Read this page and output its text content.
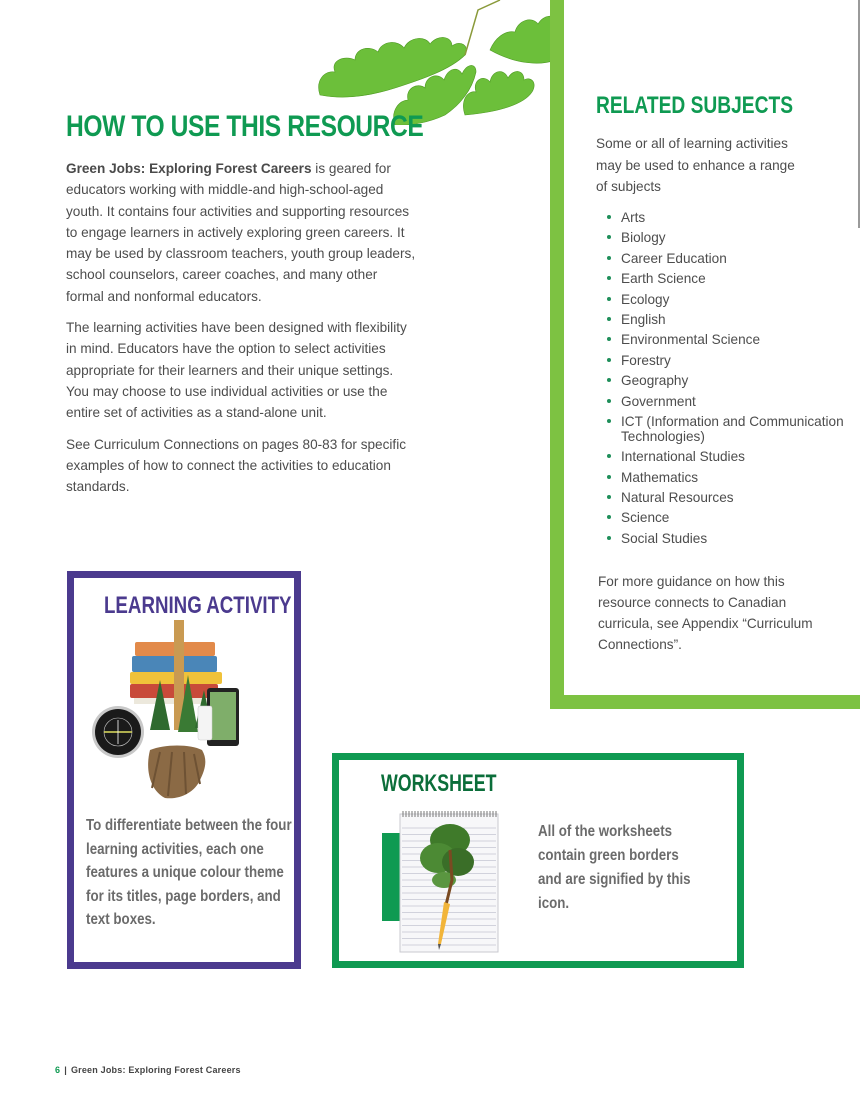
HOW TO USE THIS RESOURCE

Green Jobs: Exploring Forest Careers is geared for educators working with middle-and high-school-aged youth. It contains four activities and supporting resources to engage learners in actively exploring green careers. It may be used by classroom teachers, youth group leaders, school counselors, career coaches, and many other formal and nonformal educators.

The learning activities have been designed with flexibility in mind. Educators have the option to select activities appropriate for their learners and their unique settings. You may choose to use individual activities or use the entire set of activities as a stand-alone unit.

See Curriculum Connections on pages 80-83 for specific examples of how to connect the activities to education standards.

RELATED SUBJECTS
Some or all of learning activities may be used to enhance a range of subjects
Arts
Biology
Career Education
Earth Science
Ecology
English
Environmental Science
Forestry
Geography
Government
ICT (Information and Communication Technologies)
International Studies
Mathematics
Natural Resources
Science
Social Studies
For more guidance on how this resource connects to Canadian curricula, see Appendix “Curriculum Connections”.
LEARNING ACTIVITY
To differentiate between the four learning activities, each one features a unique colour theme for its titles, page borders, and text boxes.
WORKSHEET
All of the worksheets contain green borders and are signified by this icon.
6 | Green Jobs: Exploring Forest Careers
